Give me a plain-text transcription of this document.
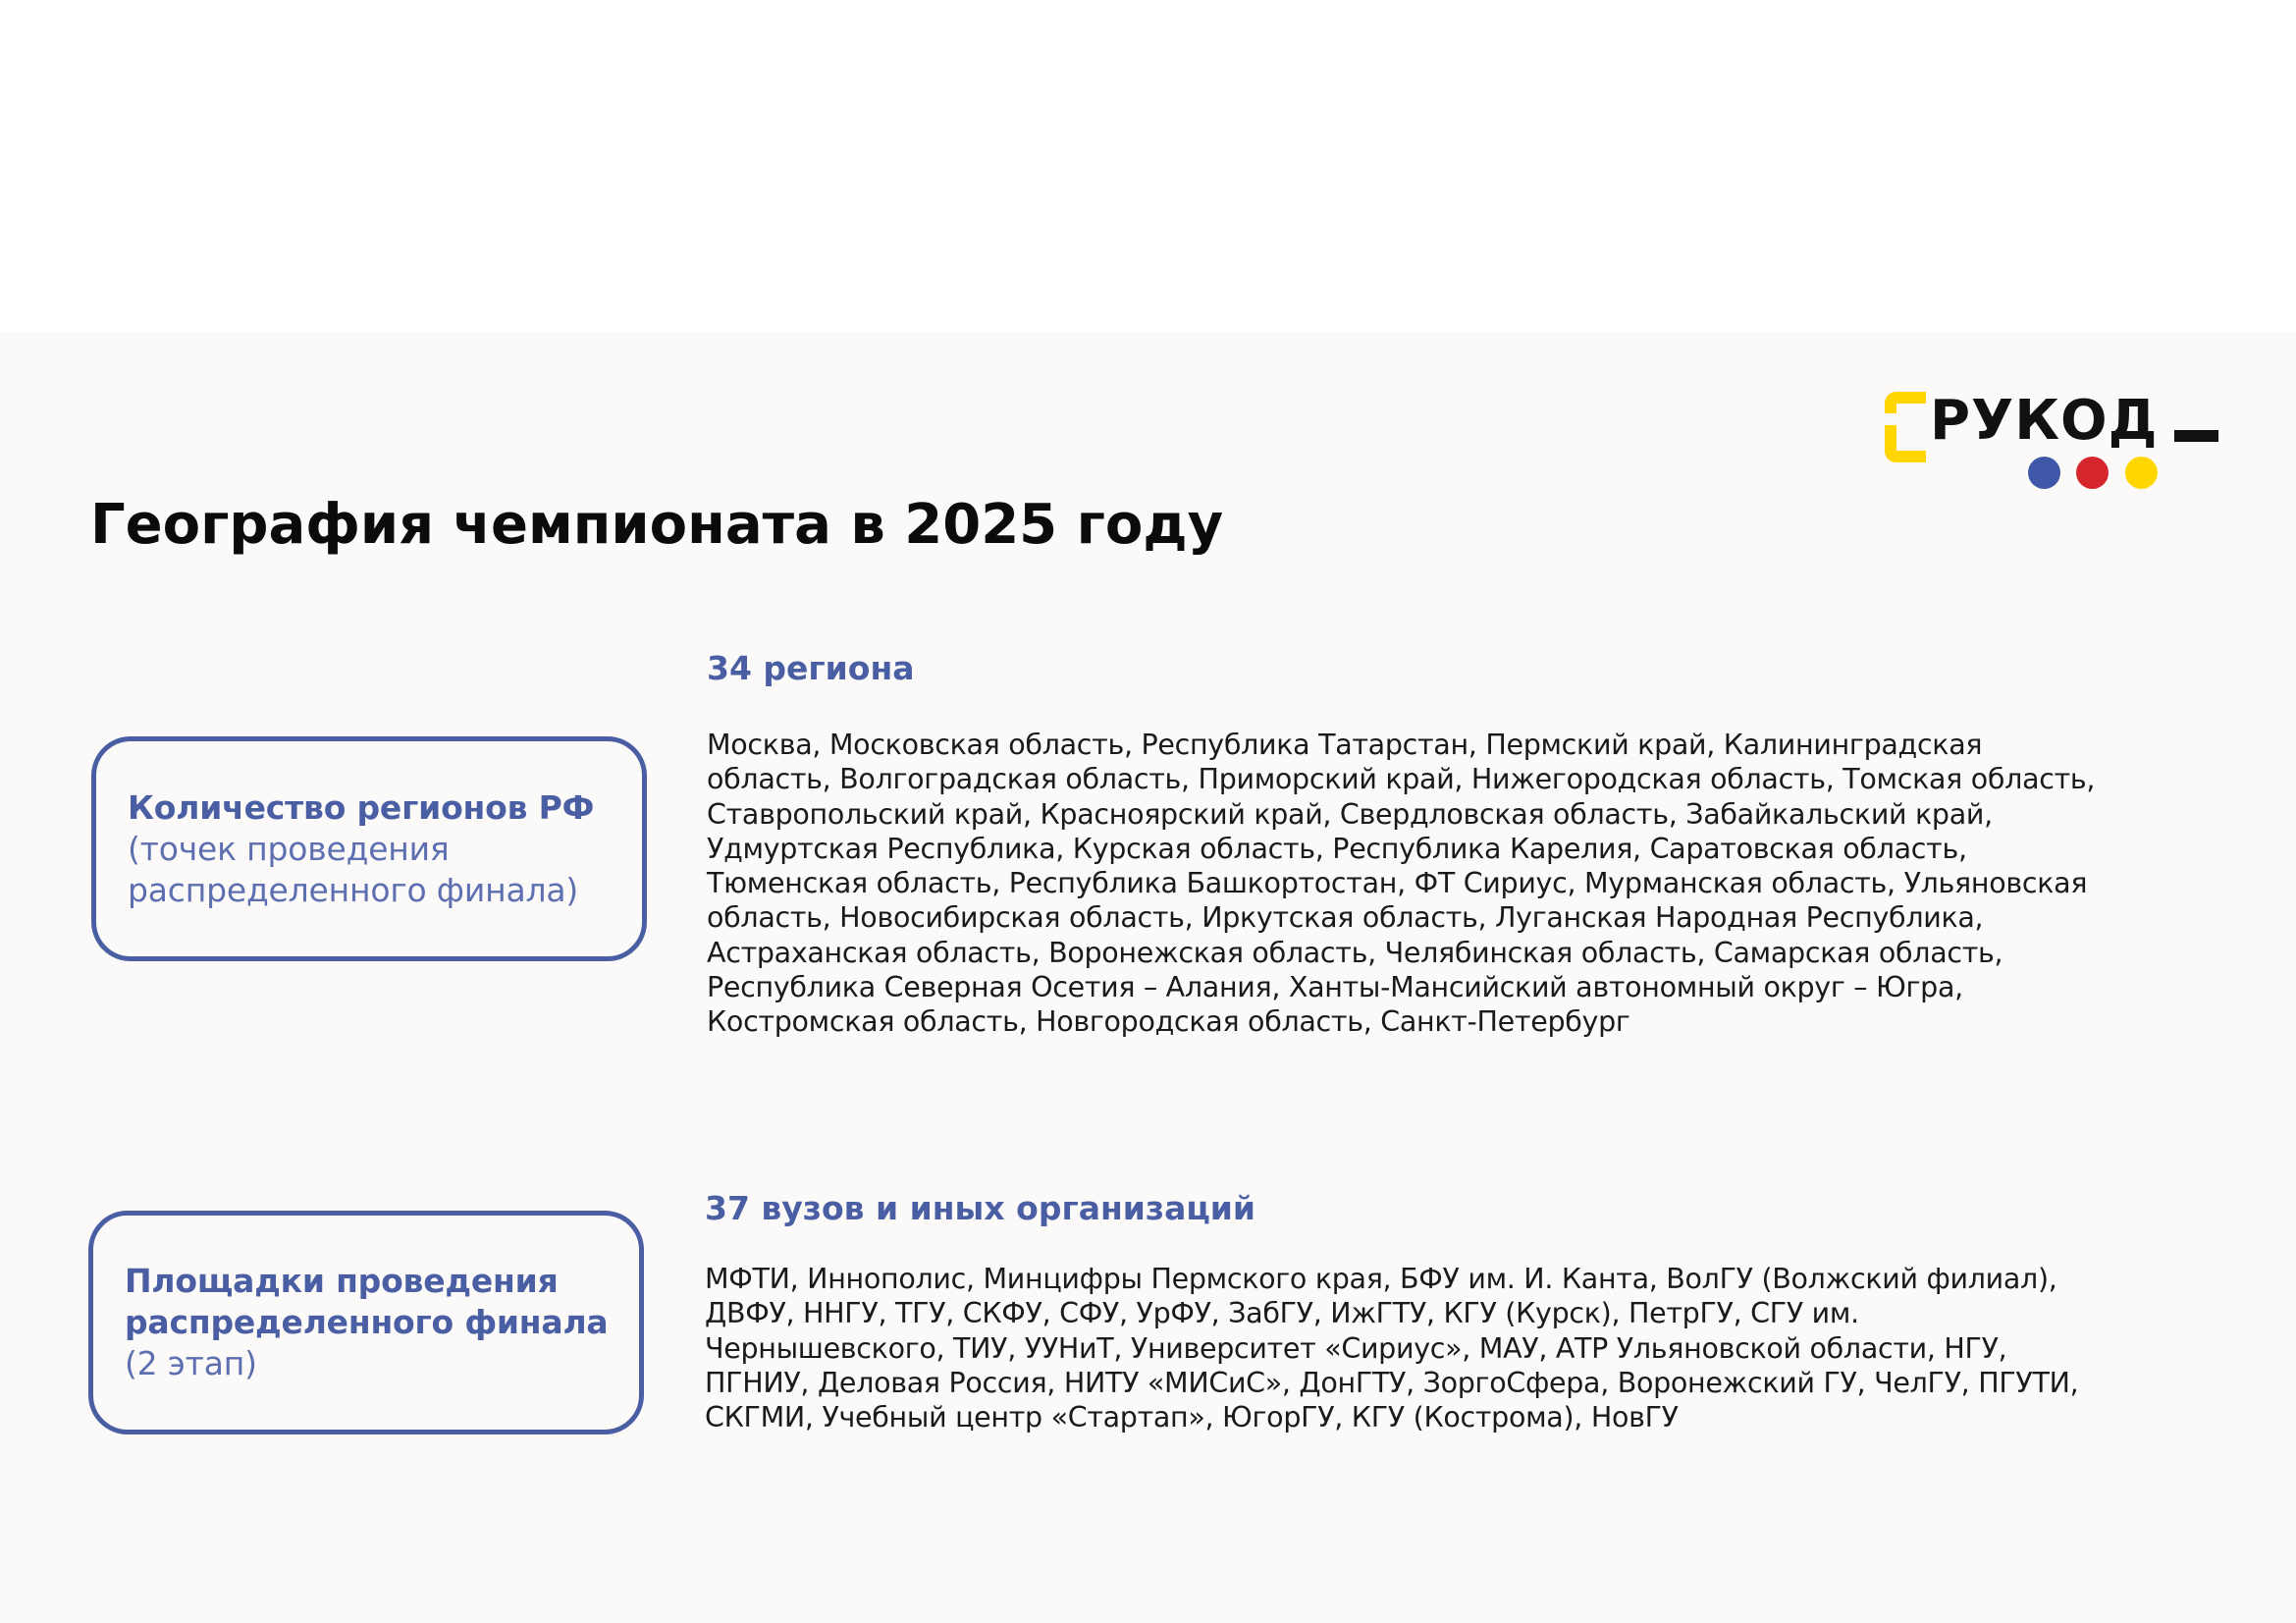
РУКОД
География чемпионата в 2025 году
Количество регионов РФ
(точек проведения распределенного финала)
34 региона

Москва, Московская область, Республика Татарстан, Пермский край, Калининградская область, Волгоградская область, Приморский край, Нижегородская область, Томская область, Ставропольский край, Красноярский край, Свердловская область, Забайкальский край, Удмуртская Республика, Курская область, Республика Карелия, Саратовская область, Тюменская область, Республика Башкортостан, ФТ Сириус, Мурманская область, Ульяновская область, Новосибирская область, Иркутская область, Луганская Народная Республика, Астраханская область, Воронежская область, Челябинская область, Самарская область, Республика Северная Осетия – Алания, Ханты-Мансийский автономный округ – Югра, Костромская область, Новгородская область, Санкт-Петербург

Площадки проведения распределенного финала (2 этап)
37 вузов и иных организаций

МФТИ, Иннополис, Минцифры Пермского края, БФУ им. И. Канта, ВолГУ (Волжский филиал), ДВФУ, ННГУ, ТГУ, СКФУ, СФУ, УрФУ, ЗабГУ, ИжГТУ, КГУ (Курск), ПетрГУ, СГУ им. Чернышевского, ТИУ, УУНиТ, Университет «Сириус», МАУ, АТР Ульяновской области, НГУ, ПГНИУ, Деловая Россия, НИТУ «МИСиС», ДонГТУ, ЗоргоСфера, Воронежский ГУ, ЧелГУ, ПГУТИ, СКГМИ, Учебный центр «Стартап», ЮгорГУ, КГУ (Кострома), НовГУ
